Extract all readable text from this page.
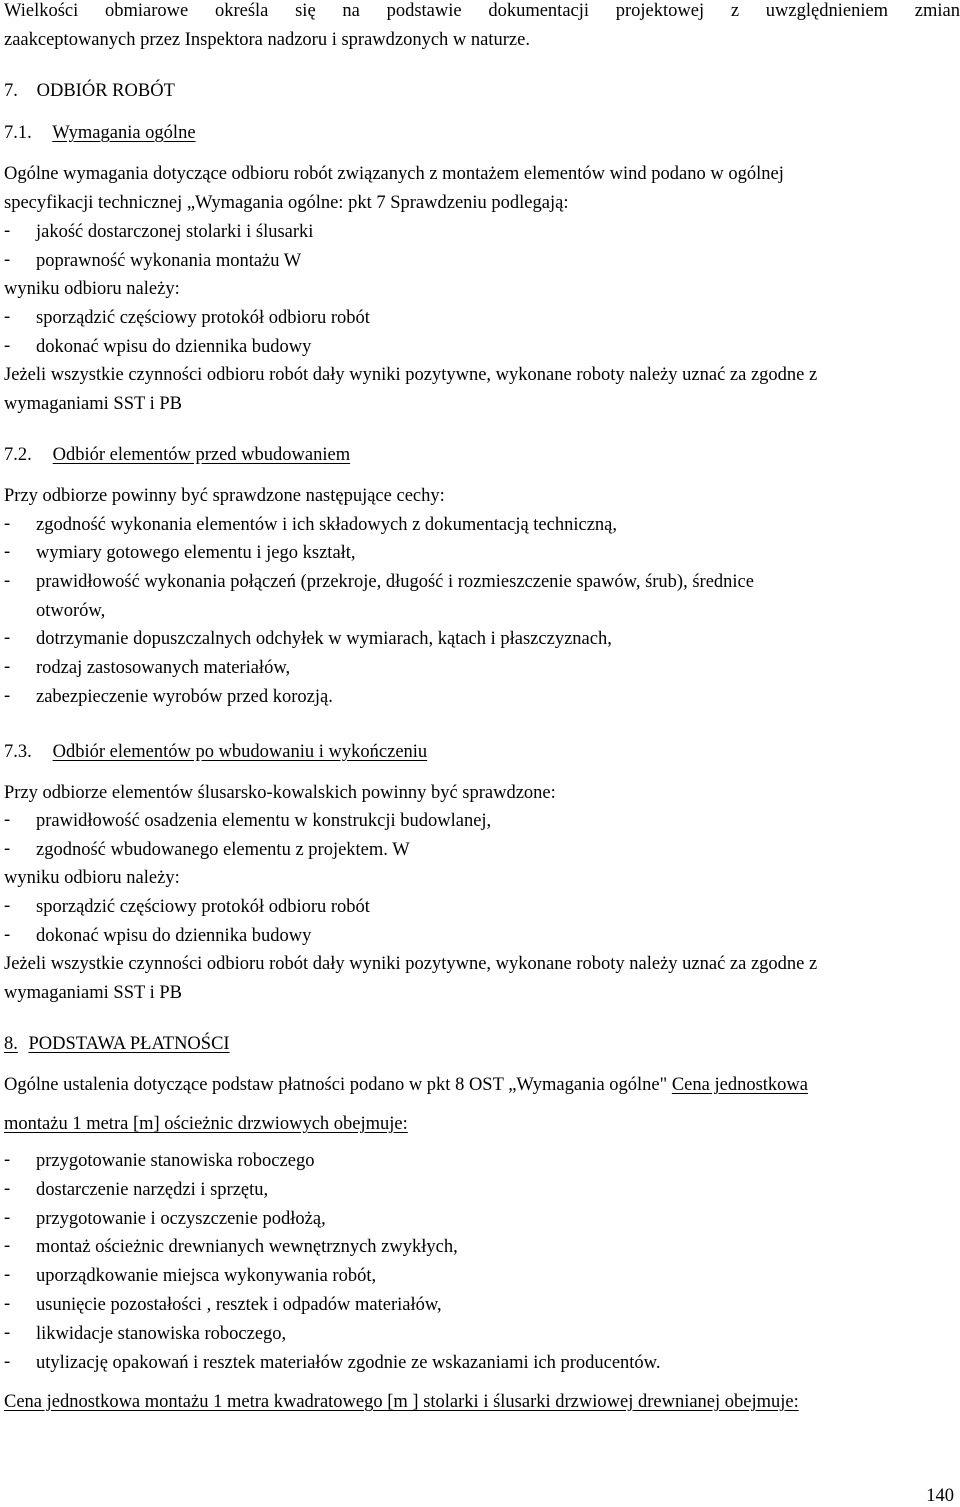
Wielkości obmiarowe określa się na podstawie dokumentacji projektowej z uwzględnieniem zmian
zaakceptowanych przez Inspektora nadzoru i sprawdzonych w naturze.
7. ODBIÓR ROBÓT
7.1. Wymagania ogólne
Ogólne wymagania dotyczące odbioru robót związanych z montażem elementów wind podano w ogólnej
specyfikacji technicznej „Wymagania ogólne: pkt 7 Sprawdzeniu podlegają:
- jakość dostarczonej stolarki i ślusarki
- poprawność wykonania montażu W
wyniku odbioru należy:
- sporządzić częściowy protokół odbioru robót
- dokonać wpisu do dziennika budowy
Jeżeli wszystkie czynności odbioru robót dały wyniki pozytywne, wykonane roboty należy uznać za zgodne z
wymaganiami SST i PB
7.2. Odbiór elementów przed wbudowaniem
Przy odbiorze powinny być sprawdzone następujące cechy:
- zgodność wykonania elementów i ich składowych z dokumentacją techniczną,
- wymiary gotowego elementu i jego kształt,
- prawidłowość wykonania połączeń (przekroje, długość i rozmieszczenie spawów, śrub), średnice
otworów,
- dotrzymanie dopuszczalnych odchyłek w wymiarach, kątach i płaszczyznach,
- rodzaj zastosowanych materiałów,
- zabezpieczenie wyrobów przed korozją.
7.3. Odbiór elementów po wbudowaniu i wykończeniu
Przy odbiorze elementów ślusarsko-kowalskich powinny być sprawdzone:
- prawidłowość osadzenia elementu w konstrukcji budowlanej,
- zgodność wbudowanego elementu z projektem. W
wyniku odbioru należy:
- sporządzić częściowy protokół odbioru robót
- dokonać wpisu do dziennika budowy
Jeżeli wszystkie czynności odbioru robót dały wyniki pozytywne, wykonane roboty należy uznać za zgodne z
wymaganiami SST i PB
8. PODSTAWA PŁATNOŚCI
Ogólne ustalenia dotyczące podstaw płatności podano w pkt 8 OST „Wymagania ogólne" Cena jednostkowa
montażu 1 metra [m] ościeżnic drzwiowych obejmuje:
- przygotowanie stanowiska roboczego
- dostarczenie narzędzi i sprzętu,
- przygotowanie i oczyszczenie podłożą,
- montaż ościeżnic drewnianych wewnętrznych zwykłych,
- uporządkowanie miejsca wykonywania robót,
- usunięcie pozostałości , resztek i odpadów materiałów,
- likwidacje stanowiska roboczego,
- utylizację opakowań i resztek materiałów zgodnie ze wskazaniami ich producentów.
Cena jednostkowa montażu 1 metra kwadratowego [m ] stolarki i ślusarki drzwiowej drewnianej obejmuje:
140
